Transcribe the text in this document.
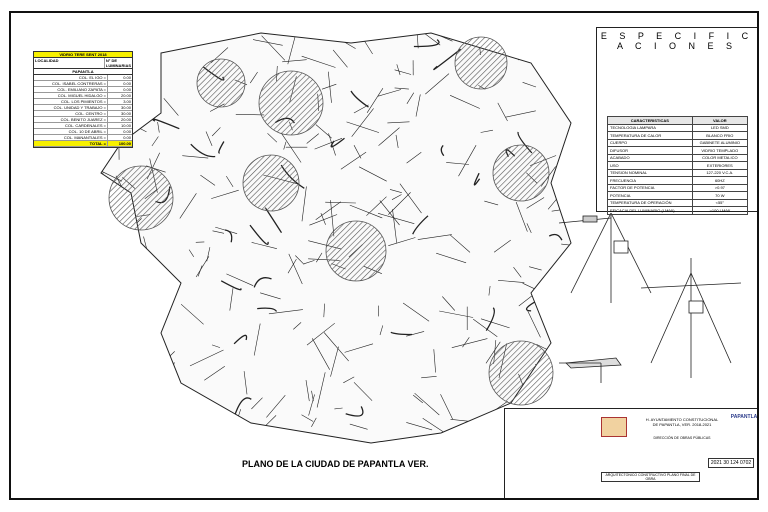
VIDRIO TERE SENT 2018
LOCALIDAD	N° DE LUMINARIAS
PAPANTLA
COL. EL IGO =	0.00
COL. ISABEL CONTRERAS =	0.00
COL. EMILIANO ZAPATA =	0.00
COL. MIGUEL HIDALGO =	20.00
COL. LOS PIMIENTOS =	3.00
COL. UNIDAD Y TRABAJO =	30.00
COL. CENTRO =	30.00
COL. BENITO JUAREZ =	20.00
COL. CARDENALES =	10.00
COL. 10 DE ABRIL =	0.00
COL. MANANTIALES =	0.00
TOTAL =	100.00
E S P E C I F I C A C I O N E S
CARACTERISTICAS	VALOR
TECNOLOGIA LAMPARA	LED SMD
TEMPERATURA DE CALOR	BLANCO FRIO
CUERPO	GABINETE ALUMINIO
DIFUSOR	VIDRIO TEMPLADO
ACABADO	COLOR METALICO
USO	EXTERIORES
TENSION NOMINAL	127-220 V.C.A.
FRECUENCIA	60HZ
FACTOR DE POTENCIA	>0.97
POTENCIA	70 W
TEMPERATURA DE OPERACIÓN	<55°
EFICACIA DEL LUMINARIO (LM/W)	>100 LM/W
PLANO DE LA CIUDAD DE PAPANTLA VER.
H. AYUNTAMIENTO CONSTITUCIONAL DE PAPANTLA, VER. 2018-2021
DIRECCIÓN DE OBRAS PÚBLICAS
PAPANTLA
2021 30 124 0702
ARQUITECTONICO CONSTRUCTIVO PLANO FINAL DE OBRA
